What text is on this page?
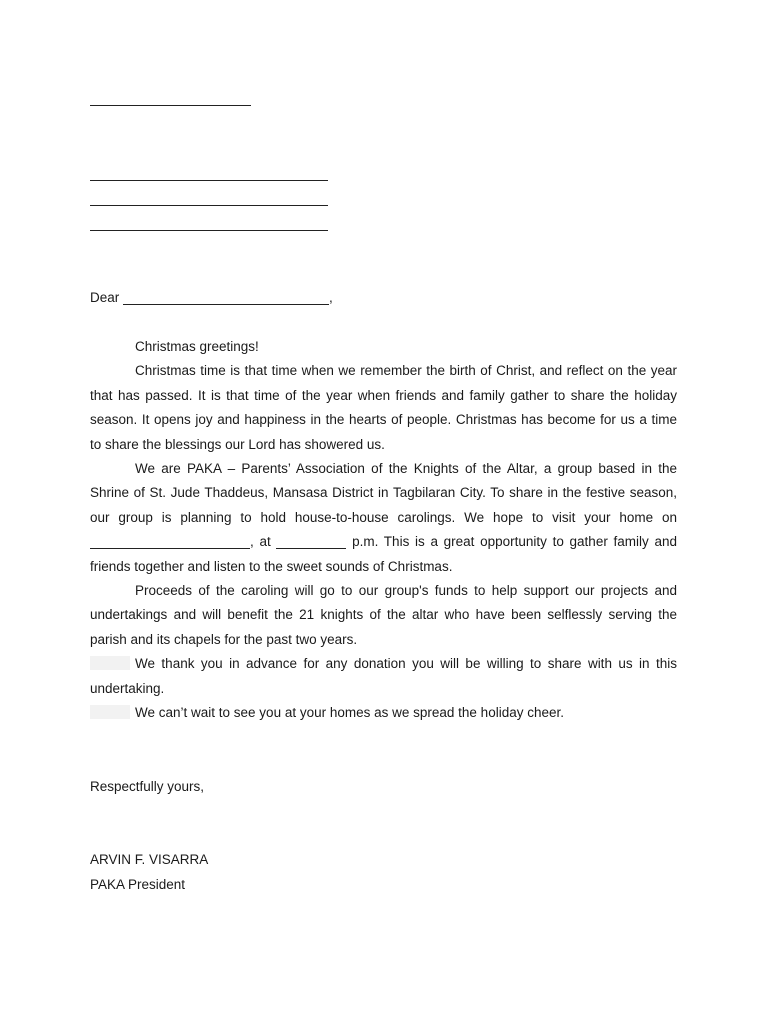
Dear	,

Christmas greetings!

Christmas time is that time when we remember the birth of Christ, and reflect on the year that has passed. It is that time of the year when friends and family gather to share the holiday season. It opens joy and happiness in the hearts of people. Christmas has become for us a time to share the blessings our Lord has showered us.

We are PAKA – Parents’ Association of the Knights of the Altar, a group based in the Shrine of St. Jude Thaddeus, Mansasa District in Tagbilaran City. To share in the festive season, our group is planning to hold house-to-house carolings. We hope to visit your home on , at	p.m. This is a great opportunity to gather family and friends together and listen to the sweet sounds of Christmas.

Proceeds of the caroling will go to our group's funds to help support our projects and undertakings and will benefit the 21 knights of the altar who have been selflessly serving the parish and its chapels for the past two years.

We thank you in advance for any donation you will be willing to share with us in this undertaking.

We can’t wait to see you at your homes as we spread the holiday cheer.

Respectfully yours,
ARVIN F. VISARRA
PAKA President
